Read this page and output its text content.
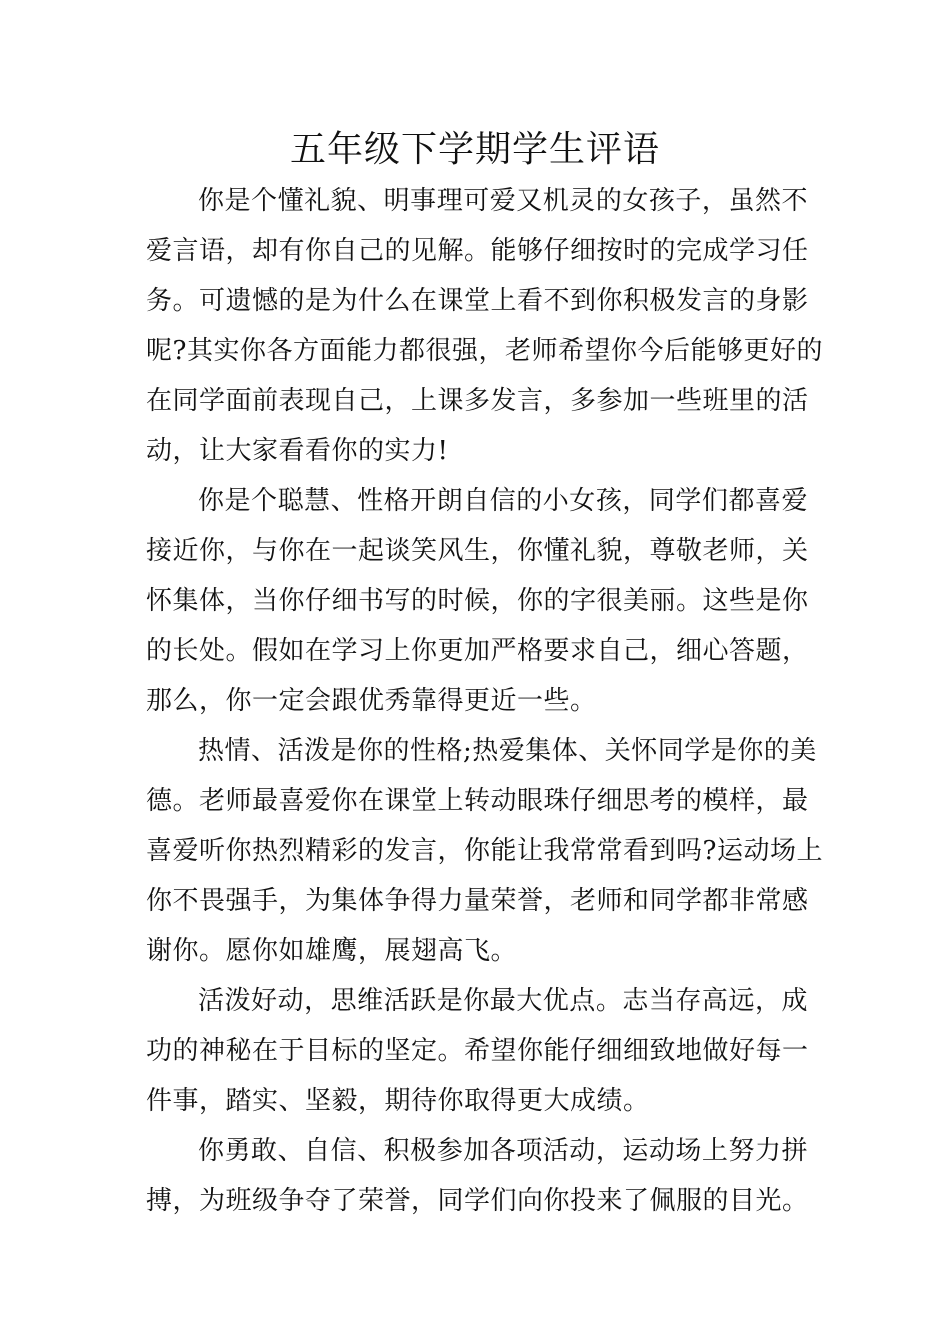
五年级下学期学生评语
你是个懂礼貌、明事理可爱又机灵的女孩子，虽然不
爱言语，却有你自己的见解。能够仔细按时的完成学习任
务。可遗憾的是为什么在课堂上看不到你积极发言的身影
呢?其实你各方面能力都很强，老师希望你今后能够更好的
在同学面前表现自己，上课多发言，多参加一些班里的活
动，让大家看看你的实力!
你是个聪慧、性格开朗自信的小女孩，同学们都喜爱
接近你，与你在一起谈笑风生，你懂礼貌，尊敬老师，关
怀集体，当你仔细书写的时候，你的字很美丽。这些是你
的长处。假如在学习上你更加严格要求自己，细心答题，
那么，你一定会跟优秀靠得更近一些。
热情、活泼是你的性格;热爱集体、关怀同学是你的美
德。老师最喜爱你在课堂上转动眼珠仔细思考的模样，最
喜爱听你热烈精彩的发言，你能让我常常看到吗?运动场上
你不畏强手，为集体争得力量荣誉，老师和同学都非常感
谢你。愿你如雄鹰，展翅高飞。
活泼好动，思维活跃是你最大优点。志当存高远，成
功的神秘在于目标的坚定。希望你能仔细细致地做好每一
件事，踏实、坚毅，期待你取得更大成绩。
你勇敢、自信、积极参加各项活动，运动场上努力拼
搏，为班级争夺了荣誉，同学们向你投来了佩服的目光。
